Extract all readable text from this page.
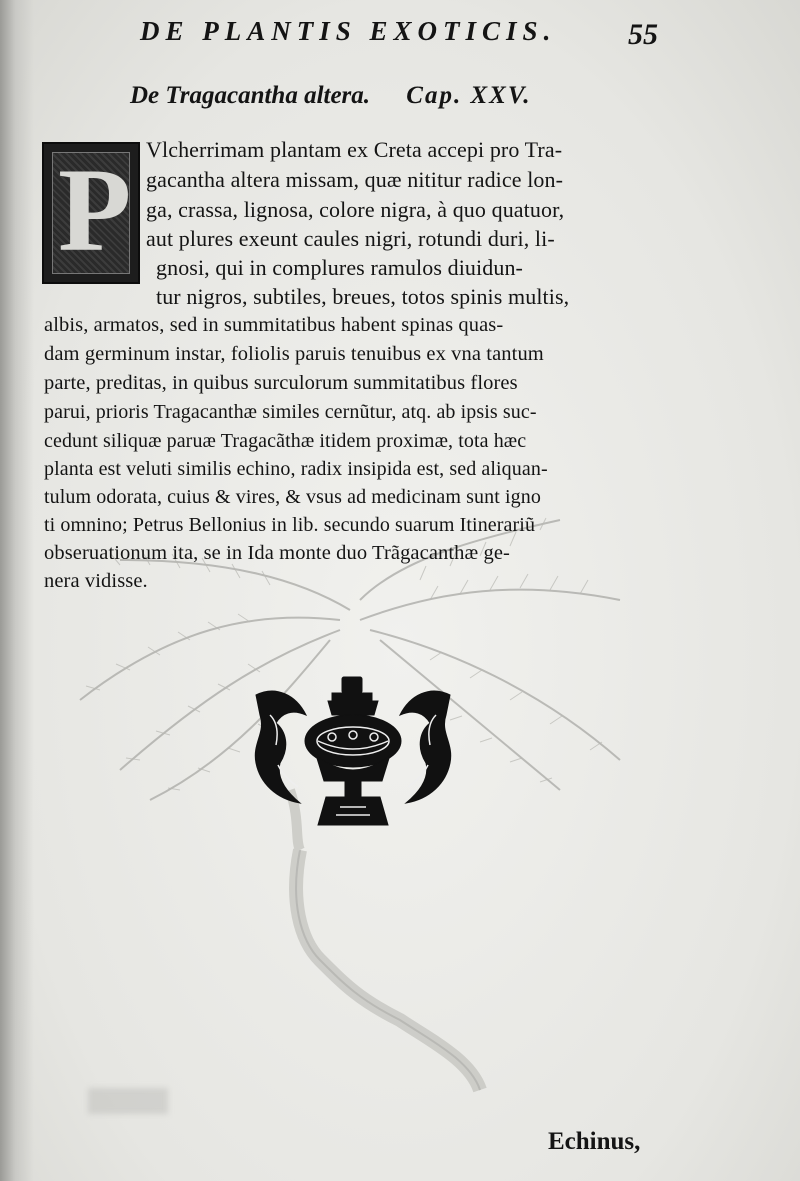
DE PLANTIS EXOTICIS.	55
De Tragacantha altera. Cap. XXV.
P Vlcherrimam plantam ex Creta accepi pro Tra-
gacantha altera missam, quæ nititur radice lon-
ga, crassa, lignosa, colore nigra, à quo quatuor,
aut plures exeunt caules nigri, rotundi duri, li-
gnosi, qui in complures ramulos diuidun-
tur nigros, subtiles, breues, totos spinis multis,
albis, armatos, sed in summitatibus habent spinas quas-
dam germinum instar, foliolis paruis tenuibus ex vna tantum
parte, preditas, in quibus surculorum summitatibus flores
parui, prioris Tragacanthæ similes cernũtur, atq. ab ipsis suc-
cedunt siliquæ paruæ Tragacãthæ itidem proximæ, tota hæc
planta est veluti similis echino, radix insipida est, sed aliquan-
tulum odorata, cuius & vires, & vsus ad medicinam sunt igno
ti omnino; Petrus Bellonius in lib. secundo suarum Itinerariũ
obseruationum ita, se in Ida monte duo Trãgacanthæ ge-
nera vidisse.
Echinus,
